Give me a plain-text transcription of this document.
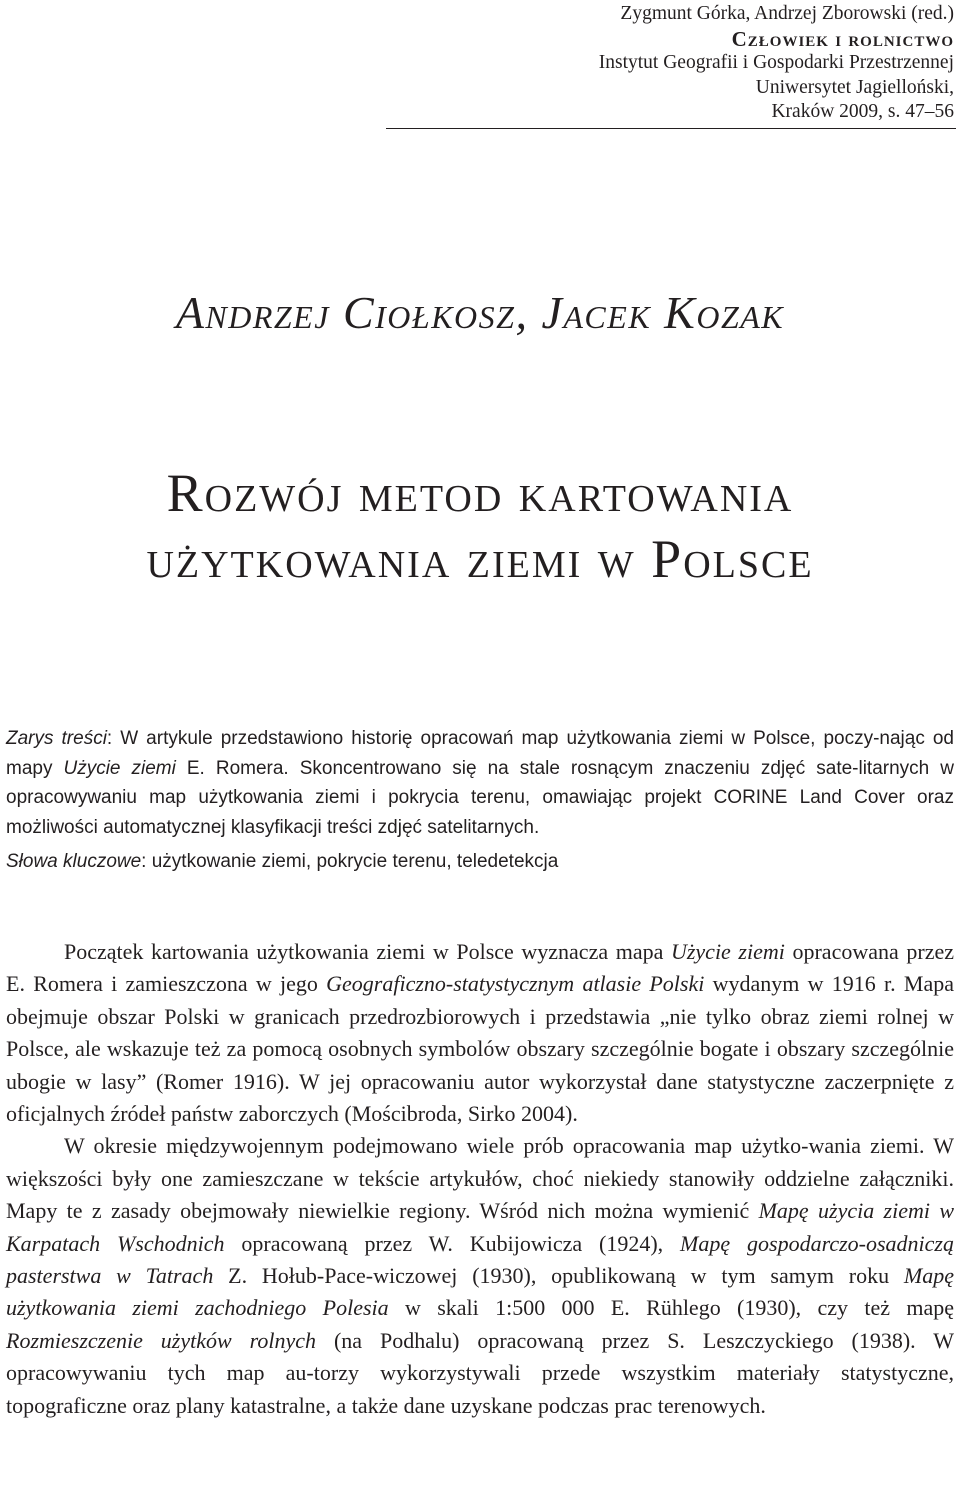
Zygmunt Górka, Andrzej Zborowski (red.)
Człowiek i rolnictwo
Instytut Geografii i Gospodarki Przestrzennej
Uniwersytet Jagielloński,
Kraków 2009, s. 47–56
Andrzej Ciołkosz, Jacek Kozak
Rozwój metod kartowania
użytkowania ziemi w Polsce

Zarys treści: W artykule przedstawiono historię opracowań map użytkowania ziemi w Polsce, poczy-nając od mapy Użycie ziemi E. Romera. Skoncentrowano się na stale rosnącym znaczeniu zdjęć sate-litarnych w opracowywaniu map użytkowania ziemi i pokrycia terenu, omawiając projekt CORINE Land Cover oraz możliwości automatycznej klasyfikacji treści zdjęć satelitarnych.

Słowa kluczowe: użytkowanie ziemi, pokrycie terenu, teledetekcja

Początek kartowania użytkowania ziemi w Polsce wyznacza mapa Użycie ziemi opracowana przez E. Romera i zamieszczona w jego Geograficzno-statystycznym atlasie Polski wydanym w 1916 r. Mapa obejmuje obszar Polski w granicach przedrozbiorowych i przedstawia „nie tylko obraz ziemi rolnej w Polsce, ale wskazuje też za pomocą osobnych symbolów obszary szczególnie bogate i obszary szczególnie ubogie w lasy” (Romer 1916). W jej opracowaniu autor wykorzystał dane statystyczne zaczerpnięte z oficjalnych źródeł państw zaborczych (Mościbroda, Sirko 2004).

W okresie międzywojennym podejmowano wiele prób opracowania map użytko-wania ziemi. W większości były one zamieszczane w tekście artykułów, choć niekiedy stanowiły oddzielne załączniki. Mapy te z zasady obejmowały niewielkie regiony. Wśród nich można wymienić Mapę użycia ziemi w Karpatach Wschodnich opracowaną przez W. Kubijowicza (1924), Mapę gospodarczo-osadniczą pasterstwa w Tatrach Z. Hołub-Pace-wiczowej (1930), opublikowaną w tym samym roku Mapę użytkowania ziemi zachodniego Polesia w skali 1:500 000 E. Rühlego (1930), czy też mapę Rozmieszczenie użytków rolnych (na Podhalu) opracowaną przez S. Leszczyckiego (1938). W opracowywaniu tych map au-torzy wykorzystywali przede wszystkim materiały statystyczne, topograficzne oraz plany katastralne, a także dane uzyskane podczas prac terenowych.
